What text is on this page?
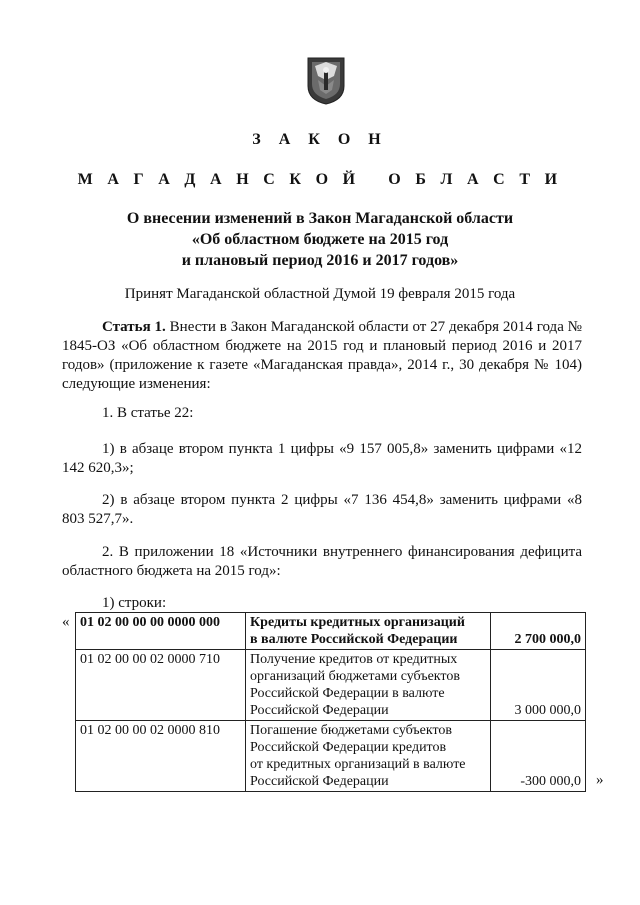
З А К О Н

М А Г А Д А Н С К О Й   О Б Л А С Т И

О внесении изменений в Закон Магаданской области
«Об областном бюджете на 2015 год
и плановый период 2016 и 2017 годов»

Принят Магаданской областной Думой 19 февраля 2015 года

Статья 1. Внести в Закон Магаданской области от 27 декабря 2014 года № 1845-ОЗ «Об областном бюджете на 2015 год и плановый период 2016 и 2017 годов» (приложение к газете «Магаданская правда», 2014 г., 30 декабря № 104) следующие изменения:

1. В статье 22:

1) в абзаце втором пункта 1 цифры «9 157 005,8» заменить цифрами «12 142 620,3»;

2) в абзаце втором пункта 2 цифры «7 136 454,8» заменить цифрами «8 803 527,7».

2. В приложении 18 «Источники внутреннего финансирования дефицита областного бюджета на 2015 год»:

1) строки:

« 01 02 00 00 00 0000 000	Кредиты кредитных организаций
в валюте Российской Федерации	2 700 000,0
01 02 00 00 02 0000 710	Получение кредитов от кредитных
организаций бюджетами субъектов
Российской Федерации в валюте
Российской Федерации	3 000 000,0
01 02 00 00 02 0000 810	Погашение бюджетами субъектов
Российской Федерации кредитов
от кредитных организаций в валюте
Российской Федерации	-300 000,0 »
